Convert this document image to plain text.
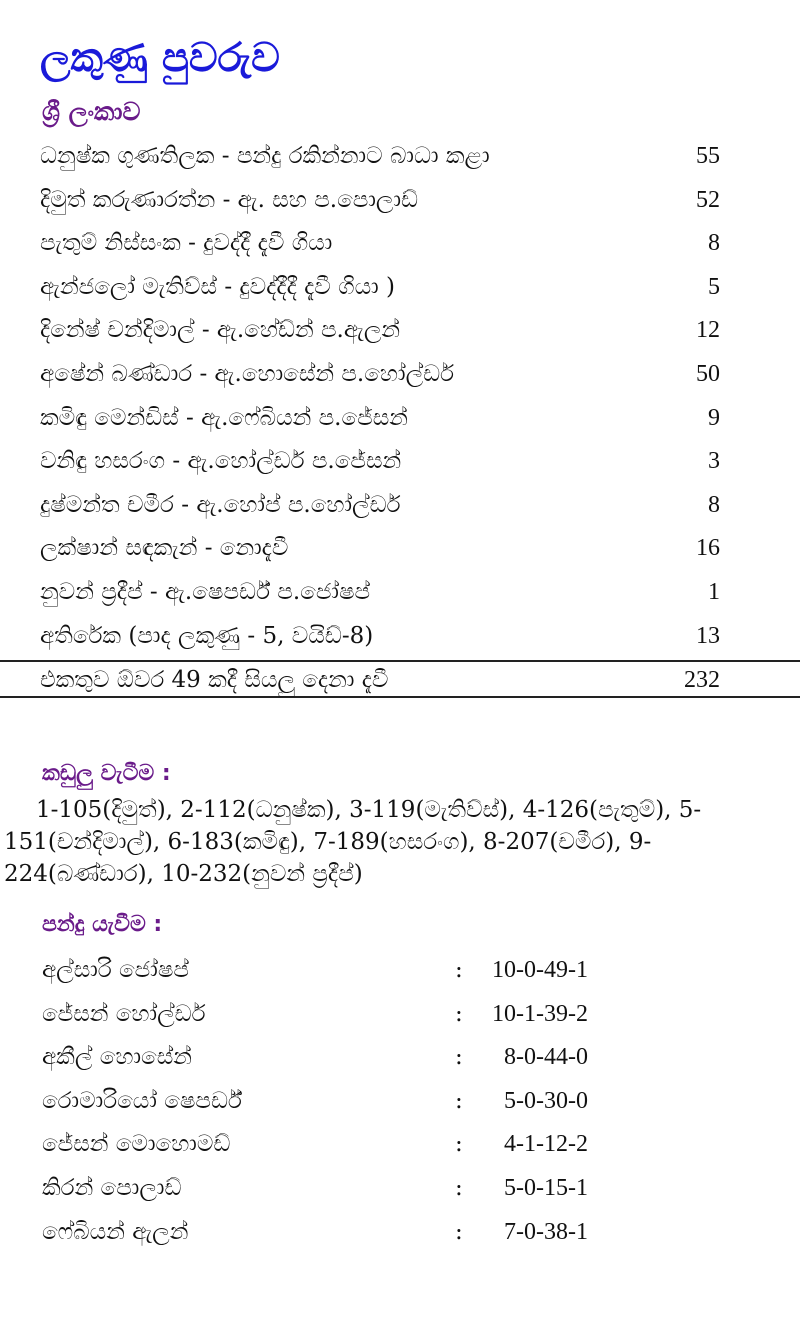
ලකුණු පුවරුව
ශ්‍රී ලංකාව
ධනුෂ්ක ගුණතිලක - පන්දු රකින්නාට බාධා කළා	55
දිමුත් කරුණාරත්න - ඇ. සහ ප.පොලාඩ්	52
පැතුම් නිස්සංක - දුවද්දී දැවී ගියා	8
ඇන්ජලෝ මැතිව්ස් - දුවද්දීදී දැවී ගියා )	5
දිනේෂ් චන්දිමාල් - ඇ.හේඩ්න් ප.ඇලන්	12
අෂේන් බණ්ඩාර - ඇ.හොසේන් ප.හෝල්ඩර්	50
කමිඳු මෙන්ඩිස් - ඇ.ෆේබියන් ප.ජේසන්	9
වනිඳු හසරංග - ඇ.හෝල්ඩර් ප.ජේසන්	3
දුෂ්මන්ත චමීර - ඇ.හෝප් ප.හෝල්ඩර්	8
ලක්ෂාන් සඳකැන් - නොදැවී	16
නුවන් ප්‍රදීප් - ඇ.ෂෙපර්ඩ් ප.ජෝෂප්	1
අතිරේක (පාද ලකුණු - 5, වයිඩ්-8)	13
එකතුව ඕවර 49 කදී සියලු දෙනා දැවී	232
කඩුලු වැටීම :
1-105(දිමුත්), 2-112(ධනුෂ්ක), 3-119(මැතිව්ස්), 4-126(පැතුම්), 5-151(චන්දිමාල්), 6-183(කමිඳු), 7-189(හසරංග), 8-207(චමීර), 9-224(බණ්ඩාර), 10-232(නුවන් ප්‍රදීප්)
පන්දු යැවීම :
අල්සාරි ජෝෂප්	: 10-0-49-1
ජේසන් හෝල්ඩර්	: 10-1-39-2
අකීල් හොසේන්	: 8-0-44-0
රොමාරියෝ ෂෙපර්ඩ්	: 5-0-30-0
ජේසන් මොහොමඩ්	: 4-1-12-2
කිරන් පොලාඩ්	: 5-0-15-1
ෆේබියන් ඇලන්	: 7-0-38-1
